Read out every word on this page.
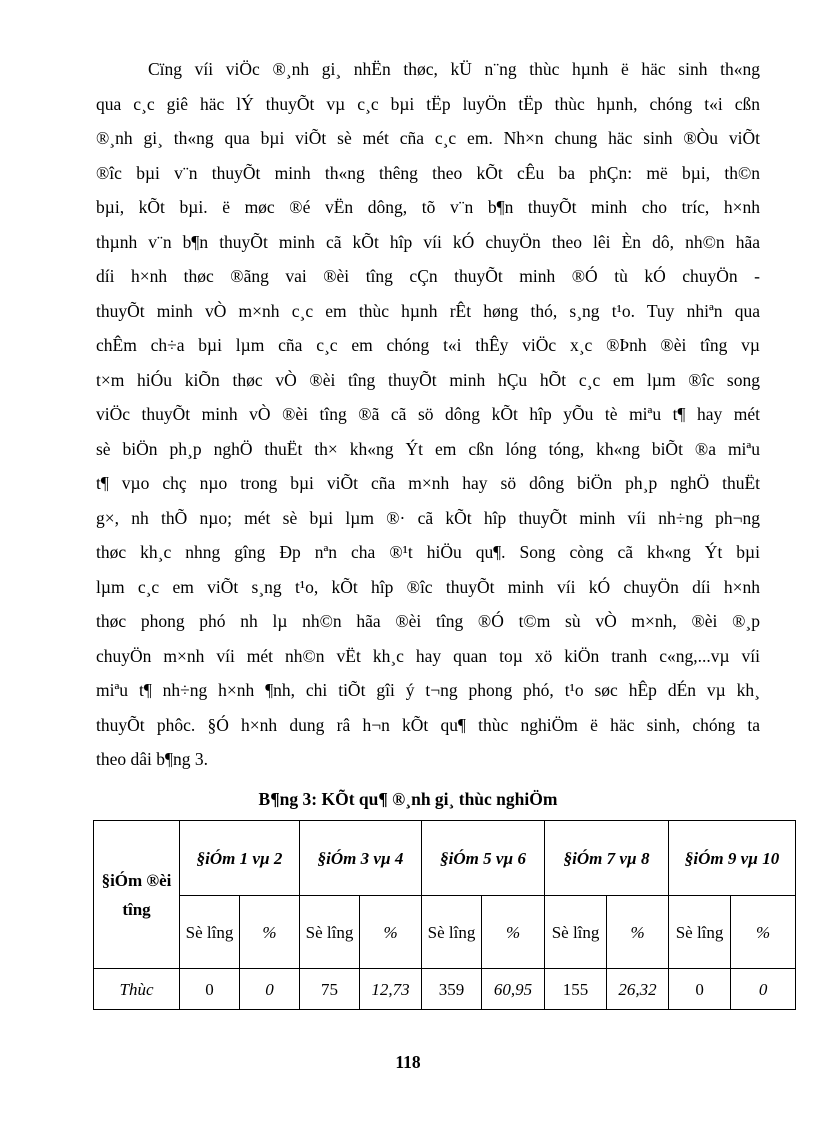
Cïng víi viÖc ®¸nh gi¸ nhËn thøc, kÜ n¨ng thùc hµnh ë häc sinh th«ng
qua c¸c giê häc lÝ thuyÕt vµ c¸c bµi tËp luyÖn tËp thùc hµnh, chóng t«i cßn
®¸nh gi¸ th«ng qua bµi viÕt sè mét cña c¸c em. Nh×n chung häc sinh ®Òu viÕt
®îc bµi v¨n thuyÕt minh th«ng thêng theo kÕt cÊu ba phÇn: më bµi, th©n
bµi, kÕt bµi. ë møc ®é vËn dông, tõ v¨n b¶n thuyÕt minh cho tríc, h×nh
thµnh v¨n b¶n thuyÕt minh cã kÕt hîp víi kÓ chuyÖn theo lêi Èn dô, nh©n hãa
díi h×nh thøc ®ãng vai ®èi tîng cÇn thuyÕt minh ®Ó tù kÓ chuyÖn -
thuyÕt minh vÒ m×nh c¸c em thùc hµnh rÊt høng thó, s¸ng t¹o. Tuy nhiªn qua
chÊm ch÷a bµi lµm cña c¸c em chóng t«i thÊy viÖc x¸c ®Þnh ®èi tîng vµ
t×m hiÓu kiÕn thøc vÒ ®èi tîng thuyÕt minh hÇu hÕt c¸c em lµm ®îc song
viÖc thuyÕt minh vÒ ®èi tîng ®ã cã sö dông kÕt hîp yÕu tè miªu t¶ hay mét
sè biÖn ph¸p nghÖ thuËt th× kh«ng Ýt em cßn lóng tóng, kh«ng biÕt ®a miªu
t¶ vµo chç nµo trong bµi viÕt cña m×nh hay sö dông biÖn ph¸p nghÖ thuËt
g×, nh thÕ nµo; mét sè bµi lµm ®· cã kÕt hîp thuyÕt minh víi nh÷ng ph¬ng
thøc kh¸c nhng gîng Ðp nªn cha ®¹t hiÖu qu¶. Song còng cã kh«ng Ýt bµi
lµm c¸c em viÕt s¸ng t¹o, kÕt hîp ®îc thuyÕt minh víi kÓ chuyÖn díi h×nh
thøc phong phó nh lµ nh©n hãa ®èi tîng ®Ó t©m sù vÒ m×nh, ®èi ®¸p
chuyÖn m×nh víi mét nh©n vËt kh¸c hay quan toµ xö kiÖn tranh c«ng,...vµ víi
miªu t¶ nh÷ng h×nh ¶nh, chi tiÕt gîi ý t¬ng phong phó, t¹o søc hÊp dÉn vµ kh¸
thuyÕt phôc. §Ó h×nh dung râ h¬n kÕt qu¶ thùc nghiÖm ë häc sinh, chóng ta
theo dâi b¶ng 3.
B¶ng 3: KÕt qu¶ ®¸nh gi¸ thùc nghiÖm
§iÓm ®èi tîng	§iÓm 1 vµ 2		§iÓm 3 vµ 4		§iÓm 5 vµ 6		§iÓm 7 vµ 8		§iÓm 9 vµ 10	
	Sè lîng	%	Sè lîng	%	Sè lîng	%	Sè lîng	%	Sè lîng	%
Thùc	0	0	75	12,73	359	60,95	155	26,32	0	0
118
